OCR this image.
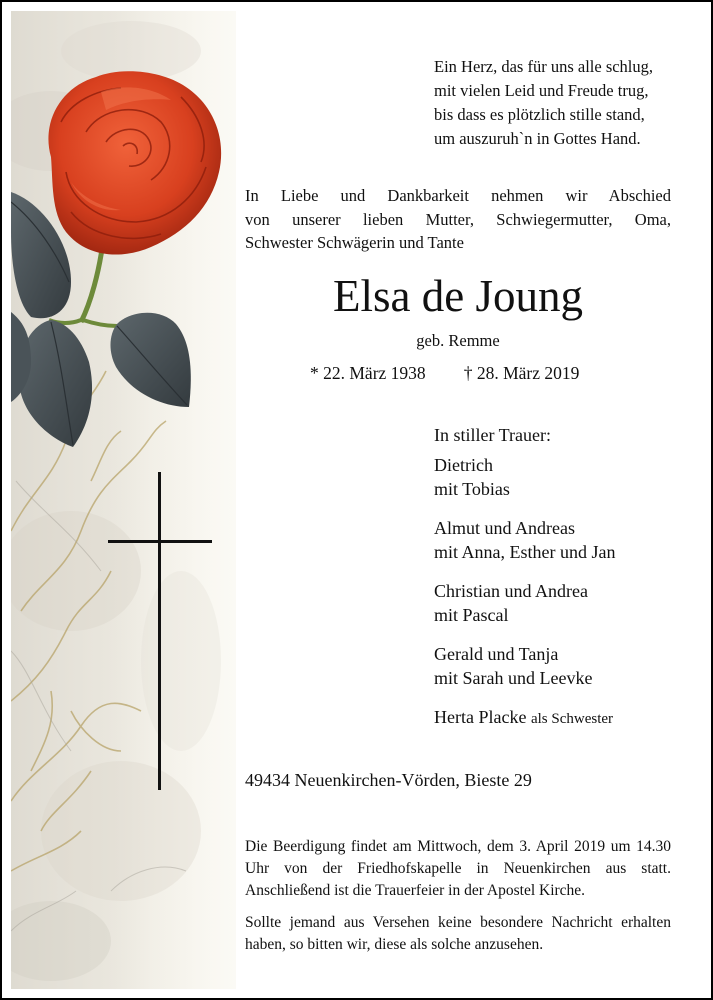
Ein Herz, das für uns alle schlug,
mit vielen Leid und Freude trug,
bis dass es plötzlich stille stand,
um auszuruh`n in Gottes Hand.
In Liebe und Dankbarkeit nehmen wir Abschied
von unserer lieben Mutter, Schwiegermutter, Oma,
Schwester Schwägerin und Tante
Elsa de Joung
geb. Remme
* 22. März 1938 † 28. März 2019
In stiller Trauer:
Dietrich
mit Tobias
Almut und Andreas
mit Anna, Esther und Jan
Christian und Andrea
mit Pascal
Gerald und Tanja
mit Sarah und Leevke
Herta Placke als Schwester
49434 Neuenkirchen-Vörden, Bieste 29
Die Beerdigung findet am Mittwoch, dem 3. April 2019 um 14.30 Uhr von der Friedhofskapelle in Neuenkirchen aus statt. Anschließend ist die Trauerfeier in der Apostel Kirche.
Sollte jemand aus Versehen keine besondere Nachricht erhalten haben, so bitten wir, diese als solche anzusehen.
